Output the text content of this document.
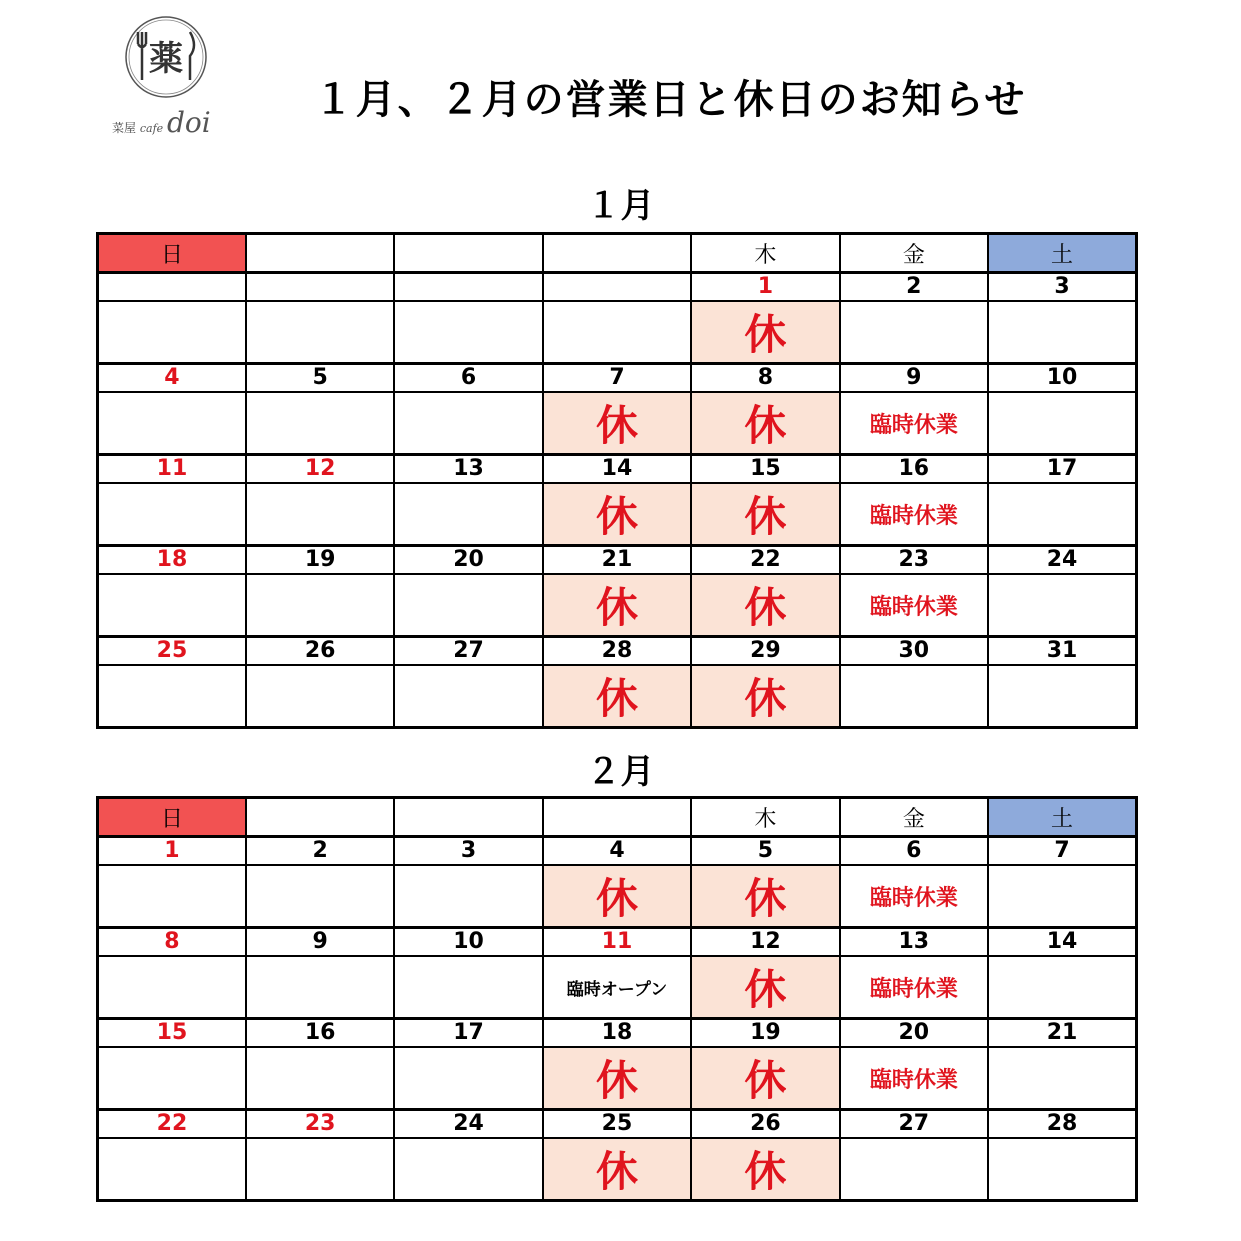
薬
菜屋 cafe doi	１月、２月の営業日と休日のお知らせ
１月
日				木	金	土
				1	2	3
				休		
4	5	6	7	8	9	10
			休	休	臨時休業	
11	12	13	14	15	16	17
			休	休	臨時休業	
18	19	20	21	22	23	24
			休	休	臨時休業	
25	26	27	28	29	30	31
			休	休		
２月
日				木	金	土
1	2	3	4	5	6	7
			休	休	臨時休業	
8	9	10	11	12	13	14
			臨時オープン	休	臨時休業	
15	16	17	18	19	20	21
			休	休	臨時休業	
22	23	24	25	26	27	28
			休	休		
